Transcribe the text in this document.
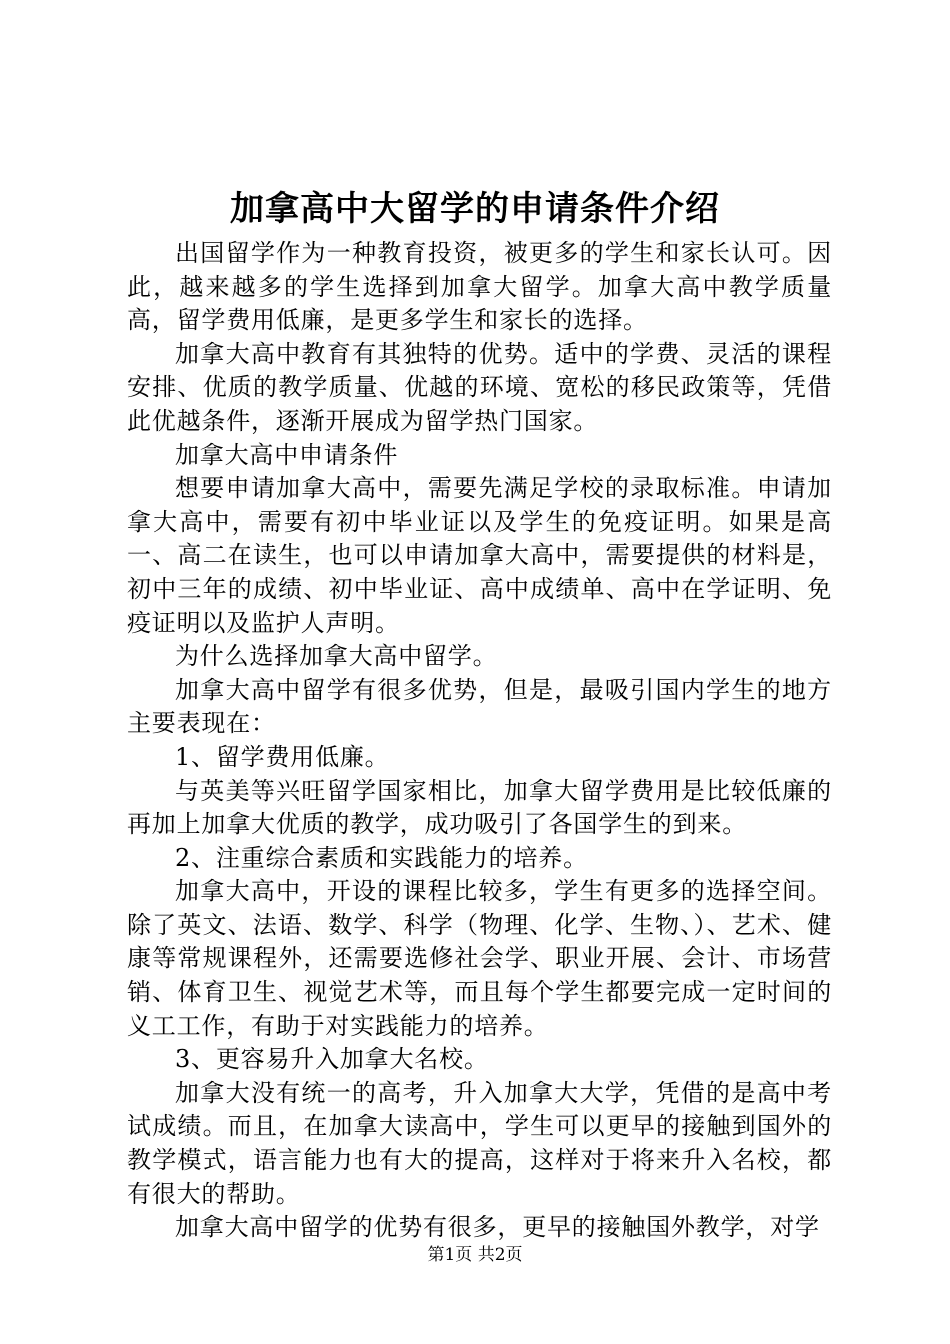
加拿高中大留学的申请条件介绍

出国留学作为一种教育投资，被更多的学生和家长认可。因此，越来越多的学生选择到加拿大留学。加拿大高中教学质量高，留学费用低廉，是更多学生和家长的选择。

加拿大高中教育有其独特的优势。适中的学费、灵活的课程安排、优质的教学质量、优越的环境、宽松的移民政策等，凭借此优越条件，逐渐开展成为留学热门国家。

加拿大高中申请条件

想要申请加拿大高中，需要先满足学校的录取标准。申请加拿大高中，需要有初中毕业证以及学生的免疫证明。如果是高一、高二在读生，也可以申请加拿大高中，需要提供的材料是，初中三年的成绩、初中毕业证、高中成绩单、高中在学证明、免疫证明以及监护人声明。

为什么选择加拿大高中留学。

加拿大高中留学有很多优势，但是，最吸引国内学生的地方主要表现在：

1、留学费用低廉。

与英美等兴旺留学国家相比，加拿大留学费用是比较低廉的再加上加拿大优质的教学，成功吸引了各国学生的到来。

2、注重综合素质和实践能力的培养。

加拿大高中，开设的课程比较多，学生有更多的选择空间。除了英文、法语、数学、科学（物理、化学、生物、）、艺术、健康等常规课程外，还需要选修社会学、职业开展、会计、市场营销、体育卫生、视觉艺术等，而且每个学生都要完成一定时间的义工工作，有助于对实践能力的培养。

3、更容易升入加拿大名校。

加拿大没有统一的高考，升入加拿大大学，凭借的是高中考试成绩。而且，在加拿大读高中，学生可以更早的接触到国外的教学模式，语言能力也有大的提高，这样对于将来升入名校，都有很大的帮助。

加拿大高中留学的优势有很多，更早的接触国外教学，对学

第1页 共2页
